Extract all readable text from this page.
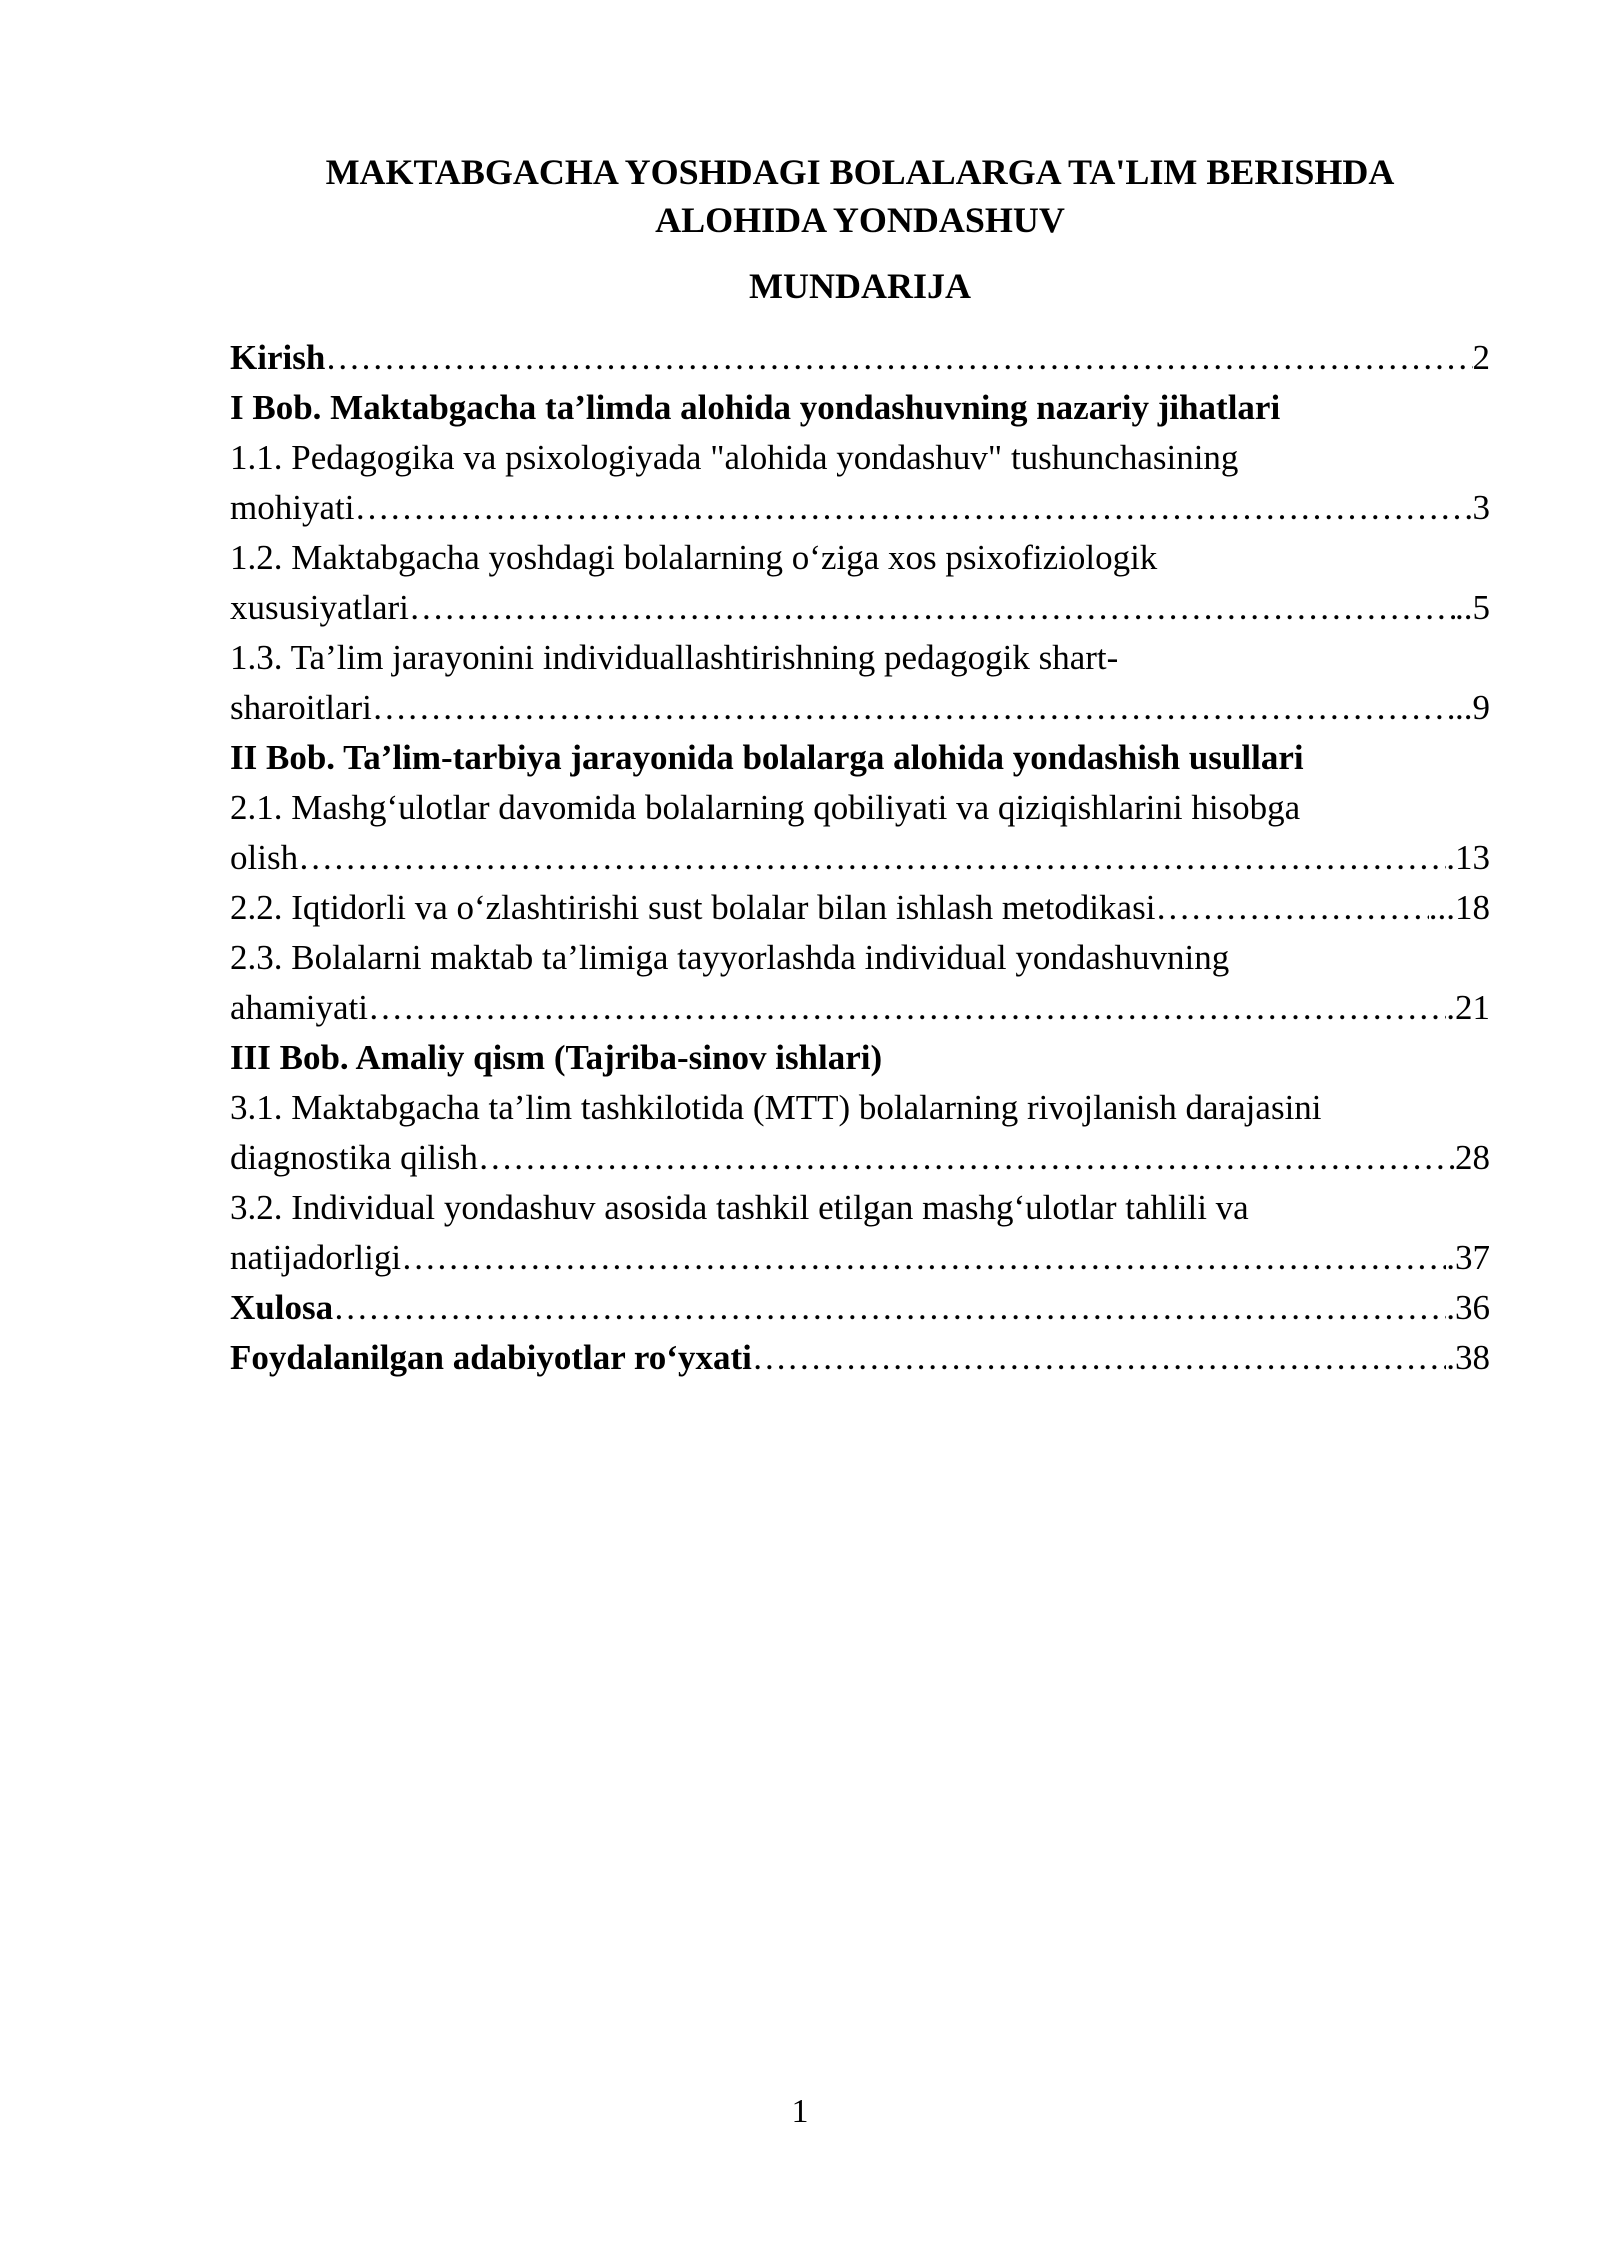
MAKTABGACHA YOSHDAGI BOLALARGA TA'LIM BERISHDA
ALOHIDA YONDASHUV
MUNDARIJA
Kirish ………………………………………………………………………………………………………………………………………………	2
I Bob. Maktabgacha ta’limda alohida yondashuvning nazariy jihatlari
1.1. Pedagogika va psixologiyada "alohida yondashuv" tushunchasining
mohiyati ………………………………………………………………………………………………………………………………………………	3
1.2. Maktabgacha yoshdagi bolalarning o‘ziga xos psixofiziologik
xususiyatlari ………………………………………………………………………………………………………………………………………………	..5
1.3. Ta’lim jarayonini individuallashtirishning pedagogik shart-
sharoitlari ………………………………………………………………………………………………………………………………………………	..9
II Bob. Ta’lim-tarbiya jarayonida bolalarga alohida yondashish usullari
2.1. Mashg‘ulotlar davomida bolalarning qobiliyati va qiziqishlarini hisobga
olish ………………………………………………………………………………………………………………………………………………	.13
2.2. Iqtidorli va o‘zlashtirishi sust bolalar bilan ishlash metodikasi ………………………………………………………………………………………………………………………………………………	...18
2.3. Bolalarni maktab ta’limiga tayyorlashda individual yondashuvning
ahamiyati ………………………………………………………………………………………………………………………………………………	.21
III Bob. Amaliy qism (Tajriba-sinov ishlari)
3.1. Maktabgacha ta’lim tashkilotida (MTT) bolalarning rivojlanish darajasini
diagnostika qilish ………………………………………………………………………………………………………………………………………………	28
3.2. Individual yondashuv asosida tashkil etilgan mashg‘ulotlar tahlili va
natijadorligi ………………………………………………………………………………………………………………………………………………	.37
Xulosa ………………………………………………………………………………………………………………………………………………	.36
Foydalanilgan adabiyotlar ro‘yxati ………………………………………………………………………………………………………………………………………………	.38
1
